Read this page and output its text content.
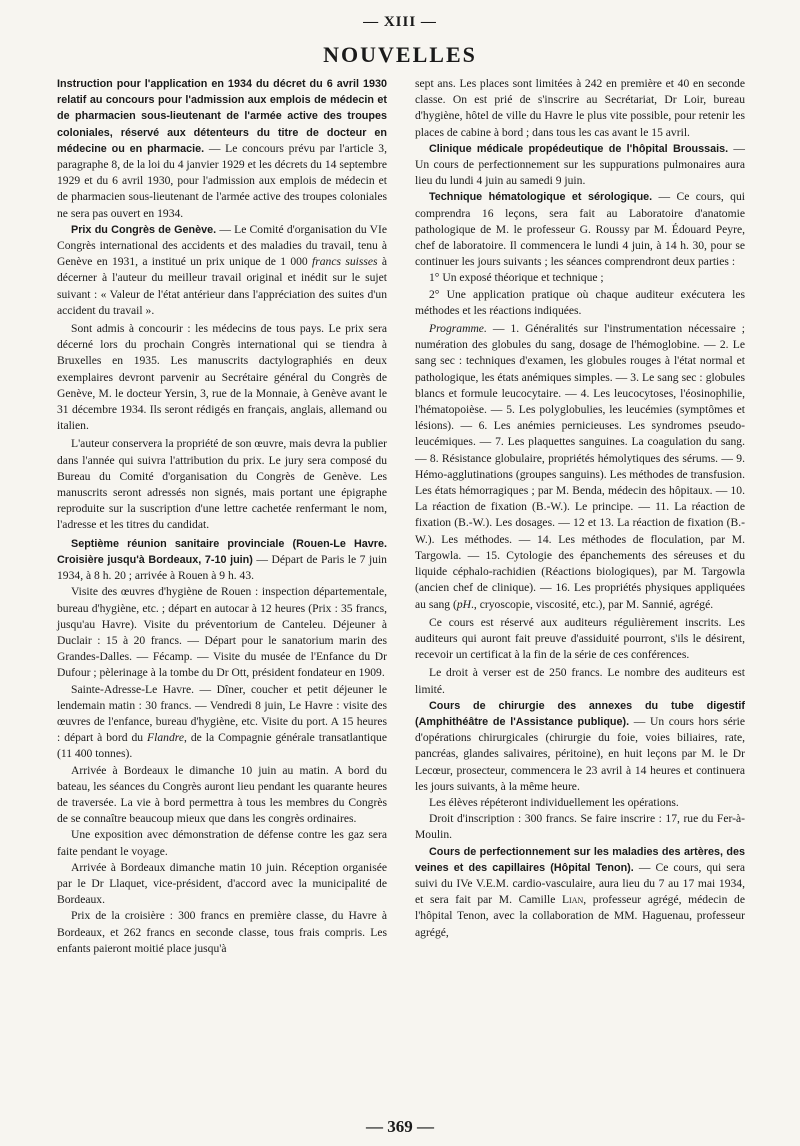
— XIII —
NOUVELLES

Instruction pour l'application en 1934 du décret du 6 avril 1930 relatif au concours pour l'admission aux emplois de médecin et de pharmacien sous-lieutenant de l'armée active des troupes coloniales, réservé aux détenteurs du titre de docteur en médecine ou en pharmacie. — Le concours prévu par l'article 3, paragraphe 8, de la loi du 4 janvier 1929 et les décrets du 14 septembre 1929 et du 6 avril 1930, pour l'admission aux emplois de médecin et de pharmacien sous-lieutenant de l'armée active des troupes coloniales ne sera pas ouvert en 1934.

Prix du Congrès de Genève. — Le Comité d'organisation du VIe Congrès international des accidents et des maladies du travail, tenu à Genève en 1931, a institué un prix unique de 1 000 francs suisses à décerner à l'auteur du meilleur travail original et inédit sur le sujet suivant : « Valeur de l'état antérieur dans l'appréciation des suites d'un accident du travail ».

Sont admis à concourir : les médecins de tous pays. Le prix sera décerné lors du prochain Congrès international qui se tiendra à Bruxelles en 1935. Les manuscrits dactylographiés en deux exemplaires devront parvenir au Secrétaire général du Congrès de Genève, M. le docteur Yersin, 3, rue de la Monnaie, à Genève avant le 31 décembre 1934. Ils seront rédigés en français, anglais, allemand ou italien.

L'auteur conservera la propriété de son œuvre, mais devra la publier dans l'année qui suivra l'attribution du prix. Le jury sera composé du Bureau du Comité d'organisation du Congrès de Genève. Les manuscrits seront adressés non signés, mais portant une épigraphe reproduite sur la suscription d'une lettre cachetée renfermant le nom, l'adresse et les titres du candidat.

Septième réunion sanitaire provinciale (Rouen-Le Havre. Croisière jusqu'à Bordeaux, 7-10 juin) — Départ de Paris le 7 juin 1934, à 8 h. 20 ; arrivée à Rouen à 9 h. 43.

Visite des œuvres d'hygiène de Rouen : inspection départementale, bureau d'hygiène, etc. ; départ en autocar à 12 heures (Prix : 35 francs, jusqu'au Havre). Visite du préventorium de Canteleu. Déjeuner à Duclair : 15 à 20 francs. — Départ pour le sanatorium marin des Grandes-Dalles. — Fécamp. — Visite du musée de l'Enfance du Dr Dufour ; pèlerinage à la tombe du Dr Ott, président fondateur en 1909.

Sainte-Adresse-Le Havre. — Dîner, coucher et petit déjeuner le lendemain matin : 30 francs. — Vendredi 8 juin, Le Havre : visite des œuvres de l'enfance, bureau d'hygiène, etc. Visite du port. A 15 heures : départ à bord du Flandre, de la Compagnie générale transatlantique (11 400 tonnes).

Arrivée à Bordeaux le dimanche 10 juin au matin. A bord du bateau, les séances du Congrès auront lieu pendant les quarante heures de traversée. La vie à bord permettra à tous les membres du Congrès de se connaître beaucoup mieux que dans les congrès ordinaires.

Une exposition avec démonstration de défense contre les gaz sera faite pendant le voyage.

Arrivée à Bordeaux dimanche matin 10 juin. Réception organisée par le Dr Llaquet, vice-président, d'accord avec la municipalité de Bordeaux.

Prix de la croisière : 300 francs en première classe, du Havre à Bordeaux, et 262 francs en seconde classe, tous frais compris. Les enfants paieront moitié place jusqu'à

sept ans. Les places sont limitées à 242 en première et 40 en seconde classe. On est prié de s'inscrire au Secrétariat, Dr Loir, bureau d'hygiène, hôtel de ville du Havre le plus vite possible, pour retenir les places de cabine à bord ; dans tous les cas avant le 15 avril.

Clinique médicale propédeutique de l'hôpital Broussais. — Un cours de perfectionnement sur les suppurations pulmonaires aura lieu du lundi 4 juin au samedi 9 juin.

Technique hématologique et sérologique. — Ce cours, qui comprendra 16 leçons, sera fait au Laboratoire d'anatomie pathologique de M. le professeur G. Roussy par M. Édouard Peyre, chef de laboratoire. Il commencera le lundi 4 juin, à 14 h. 30, pour se continuer les jours suivants ; les séances comprendront deux parties :

1° Un exposé théorique et technique ;

2° Une application pratique où chaque auditeur exécutera les méthodes et les réactions indiquées.

Programme. — 1. Généralités sur l'instrumentation nécessaire ; numération des globules du sang, dosage de l'hémoglobine. — 2. Le sang sec : techniques d'examen, les globules rouges à l'état normal et pathologique, les états anémiques simples. — 3. Le sang sec : globules blancs et formule leucocytaire. — 4. Les leucocytoses, l'éosinophilie, l'hématopoièse. — 5. Les polyglobulies, les leucémies (symptômes et lésions). — 6. Les anémies pernicieuses. Les syndromes pseudo-leucémiques. — 7. Les plaquettes sanguines. La coagulation du sang. — 8. Résistance globulaire, propriétés hémolytiques des sérums. — 9. Hémo-agglutinations (groupes sanguins). Les méthodes de transfusion. Les états hémorragiques ; par M. Benda, médecin des hôpitaux. — 10. La réaction de fixation (B.-W.). Le principe. — 11. La réaction de fixation (B.-W.). Les dosages. — 12 et 13. La réaction de fixation (B.-W.). Les méthodes. — 14. Les méthodes de floculation, par M. Targowla. — 15. Cytologie des épanchements des séreuses et du liquide céphalo-rachidien (Réactions biologiques), par M. Targowla (ancien chef de clinique). — 16. Les propriétés physiques appliquées au sang (pH., cryoscopie, viscosité, etc.), par M. Sannié, agrégé.

Ce cours est réservé aux auditeurs régulièrement inscrits. Les auditeurs qui auront fait preuve d'assiduité pourront, s'ils le désirent, recevoir un certificat à la fin de la série de ces conférences.

Le droit à verser est de 250 francs. Le nombre des auditeurs est limité.

Cours de chirurgie des annexes du tube digestif (Amphithéâtre de l'Assistance publique). — Un cours hors série d'opérations chirurgicales (chirurgie du foie, voies biliaires, rate, pancréas, glandes salivaires, péritoine), en huit leçons par M. le Dr Lecœur, prosecteur, commencera le 23 avril à 14 heures et continuera les jours suivants, à la même heure.

Les élèves répéteront individuellement les opérations.

Droit d'inscription : 300 francs. Se faire inscrire : 17, rue du Fer-à-Moulin.

Cours de perfectionnement sur les maladies des artères, des veines et des capillaires (Hôpital Tenon). — Ce cours, qui sera suivi du IVe V.E.M. cardio-vasculaire, aura lieu du 7 au 17 mai 1934, et sera fait par M. Camille Lian, professeur agrégé, médecin de l'hôpital Tenon, avec la collaboration de MM. Haguenau, professeur agrégé,

— 369 —
